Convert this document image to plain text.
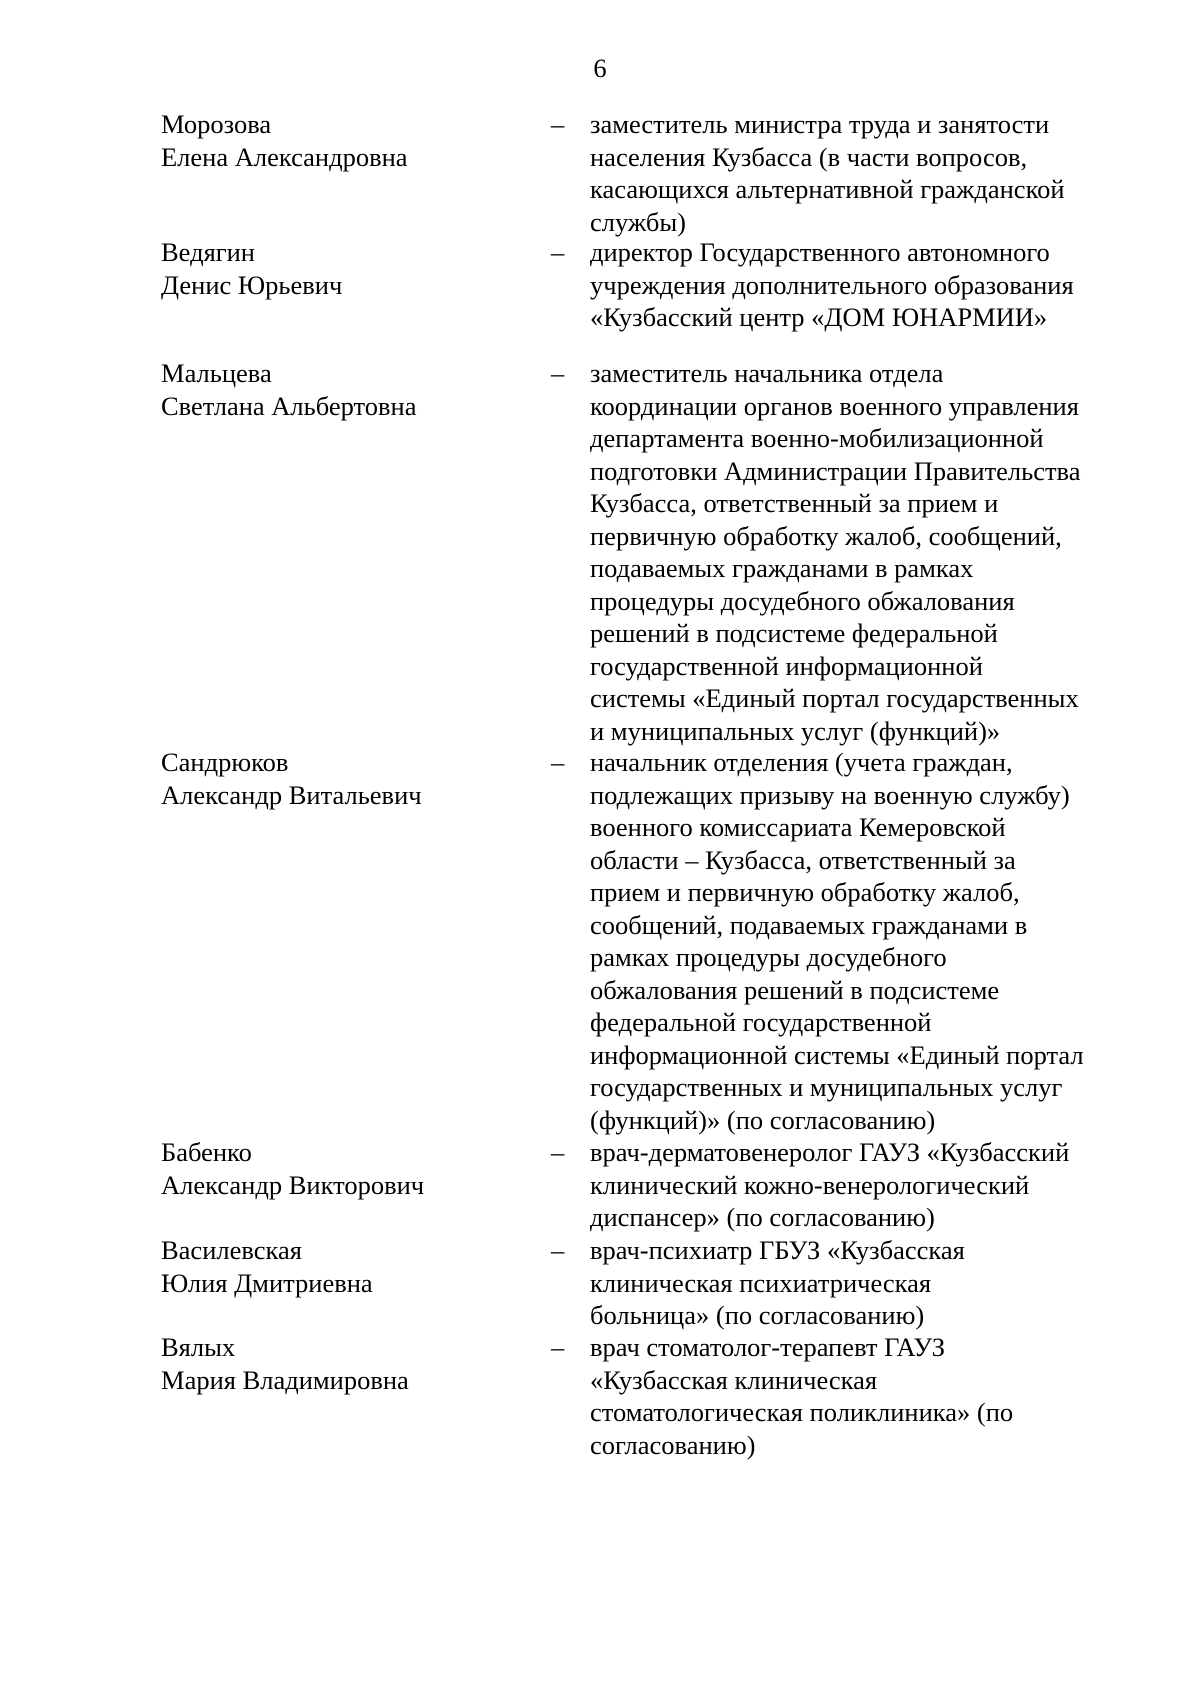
6
Морозова
Елена Александровна
– заместитель министра труда и занятости
населения Кузбасса (в части вопросов,
касающихся альтернативной гражданской
службы)
Ведягин
Денис Юрьевич
– директор Государственного автономного
учреждения дополнительного образования
«Кузбасский центр «ДОМ ЮНАРМИИ»
Мальцева
Светлана Альбертовна
– заместитель начальника отдела
координации органов военного управления
департамента военно-мобилизационной
подготовки Администрации Правительства
Кузбасса, ответственный за прием и
первичную обработку жалоб, сообщений,
подаваемых гражданами в рамках
процедуры досудебного обжалования
решений в подсистеме федеральной
государственной информационной
системы «Единый портал государственных
и муниципальных услуг (функций)»
Сандрюков
Александр Витальевич
– начальник отделения (учета граждан,
подлежащих призыву на военную службу)
военного комиссариата Кемеровской
области – Кузбасса, ответственный за
прием и первичную обработку жалоб,
сообщений, подаваемых гражданами в
рамках процедуры досудебного
обжалования решений в подсистеме
федеральной государственной
информационной системы «Единый портал
государственных и муниципальных услуг
(функций)» (по согласованию)
Бабенко
Александр Викторович
– врач-дерматовенеролог ГАУЗ «Кузбасский
клинический кожно-венерологический
диспансер» (по согласованию)
Василевская
Юлия Дмитриевна
– врач-психиатр ГБУЗ «Кузбасская
клиническая психиатрическая
больница» (по согласованию)
Вялых
Мария Владимировна
– врач стоматолог-терапевт ГАУЗ
«Кузбасская клиническая
стоматологическая поликлиника» (по
согласованию)
